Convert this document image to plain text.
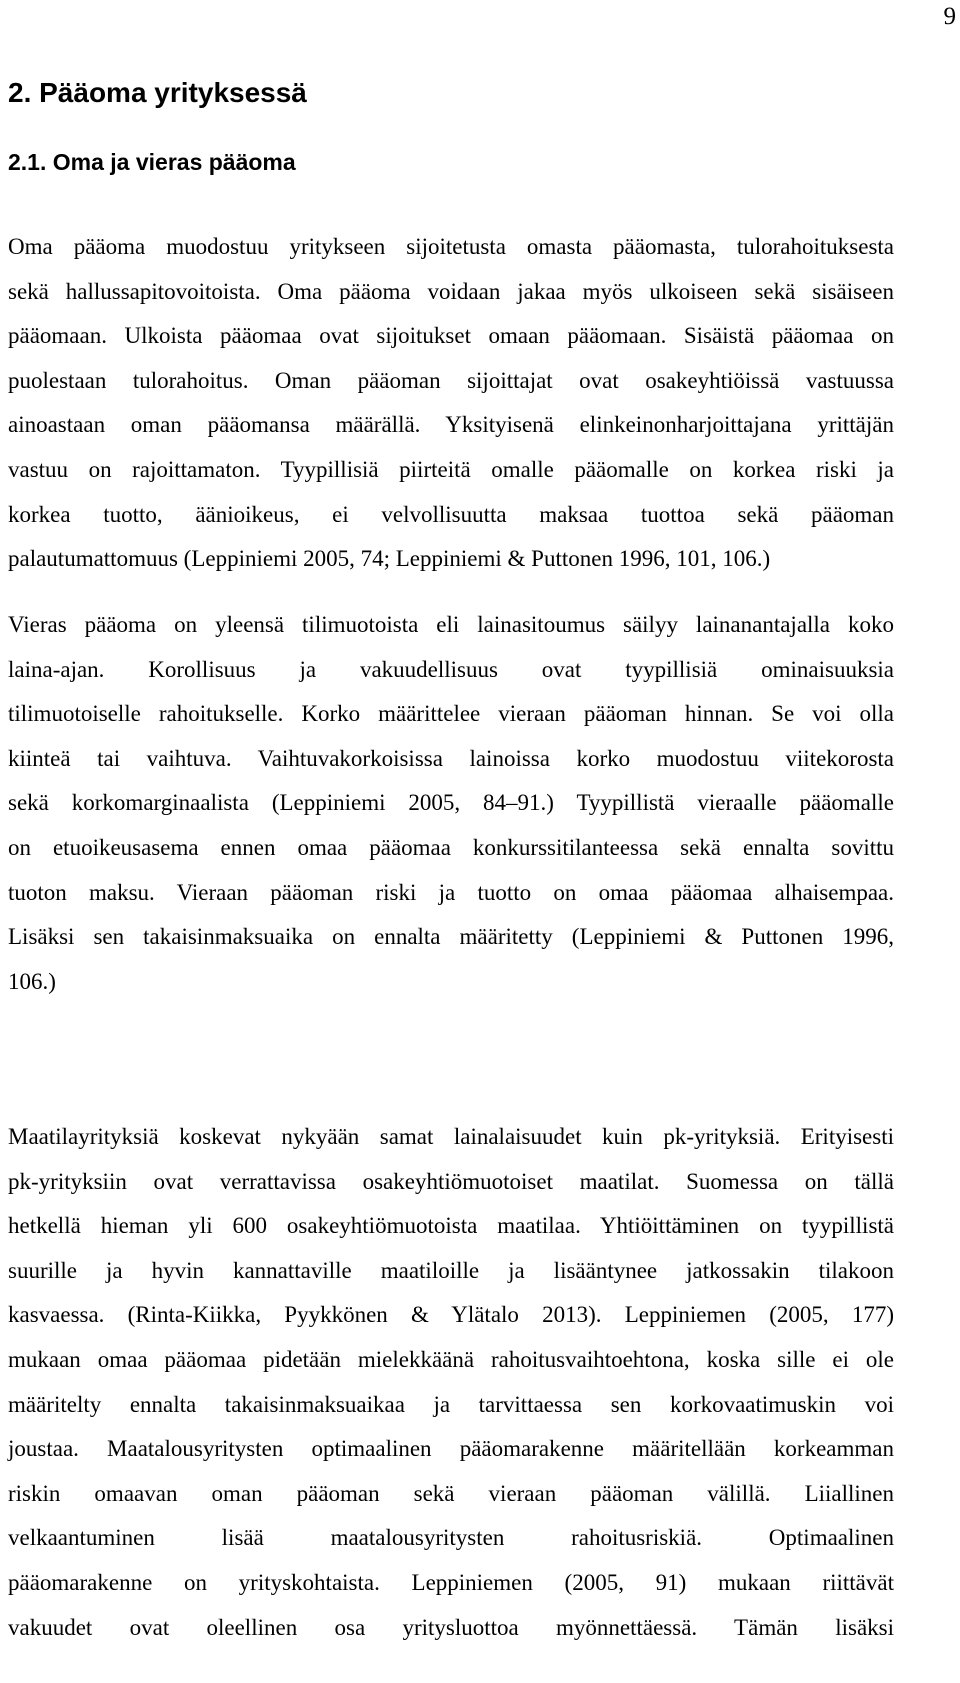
9
2. Pääoma yrityksessä
2.1. Oma ja vieras pääoma
Oma pääoma muodostuu yritykseen sijoitetusta omasta pääomasta, tulorahoituksesta
sekä hallussapitovoitoista. Oma pääoma voidaan jakaa myös ulkoiseen sekä sisäiseen
pääomaan. Ulkoista pääomaa ovat sijoitukset omaan pääomaan. Sisäistä pääomaa on
puolestaan tulorahoitus. Oman pääoman sijoittajat ovat osakeyhtiöissä vastuussa
ainoastaan oman pääomansa määrällä. Yksityisenä elinkeinonharjoittajana yrittäjän
vastuu on rajoittamaton. Tyypillisiä piirteitä omalle pääomalle on korkea riski ja
korkea tuotto, äänioikeus, ei velvollisuutta maksaa tuottoa sekä pääoman
palautumattomuus (Leppiniemi 2005, 74; Leppiniemi & Puttonen 1996, 101, 106.)
Vieras pääoma on yleensä tilimuotoista eli lainasitoumus säilyy lainanantajalla koko
laina-ajan. Korollisuus ja vakuudellisuus ovat tyypillisiä ominaisuuksia
tilimuotoiselle rahoitukselle. Korko määrittelee vieraan pääoman hinnan. Se voi olla
kiinteä tai vaihtuva. Vaihtuvakorkoisissa lainoissa korko muodostuu viitekorosta
sekä korkomarginaalista (Leppiniemi 2005, 84–91.) Tyypillistä vieraalle pääomalle
on etuoikeusasema ennen omaa pääomaa konkurssitilanteessa sekä ennalta sovittu
tuoton maksu. Vieraan pääoman riski ja tuotto on omaa pääomaa alhaisempaa.
Lisäksi sen takaisinmaksuaika on ennalta määritetty (Leppiniemi & Puttonen 1996,
106.)
Maatilayrityksiä koskevat nykyään samat lainalaisuudet kuin pk-yrityksiä. Erityisesti
pk-yrityksiin ovat verrattavissa osakeyhtiömuotoiset maatilat. Suomessa on tällä
hetkellä hieman yli 600 osakeyhtiömuotoista maatilaa. Yhtiöittäminen on tyypillistä
suurille ja hyvin kannattaville maatiloille ja lisääntynee jatkossakin tilakoon
kasvaessa. (Rinta-Kiikka, Pyykkönen & Ylätalo 2013). Leppiniemen (2005, 177)
mukaan omaa pääomaa pidetään mielekkäänä rahoitusvaihtoehtona, koska sille ei ole
määritelty ennalta takaisinmaksuaikaa ja tarvittaessa sen korkovaatimuskin voi
joustaa. Maatalousyritysten optimaalinen pääomarakenne määritellään korkeamman
riskin omaavan oman pääoman sekä vieraan pääoman välillä. Liiallinen
velkaantuminen lisää maatalousyritysten rahoitusriskiä. Optimaalinen
pääomarakenne on yrityskohtaista. Leppiniemen (2005, 91) mukaan riittävät
vakuudet ovat oleellinen osa yritysluottoa myönnettäessä. Tämän lisäksi
